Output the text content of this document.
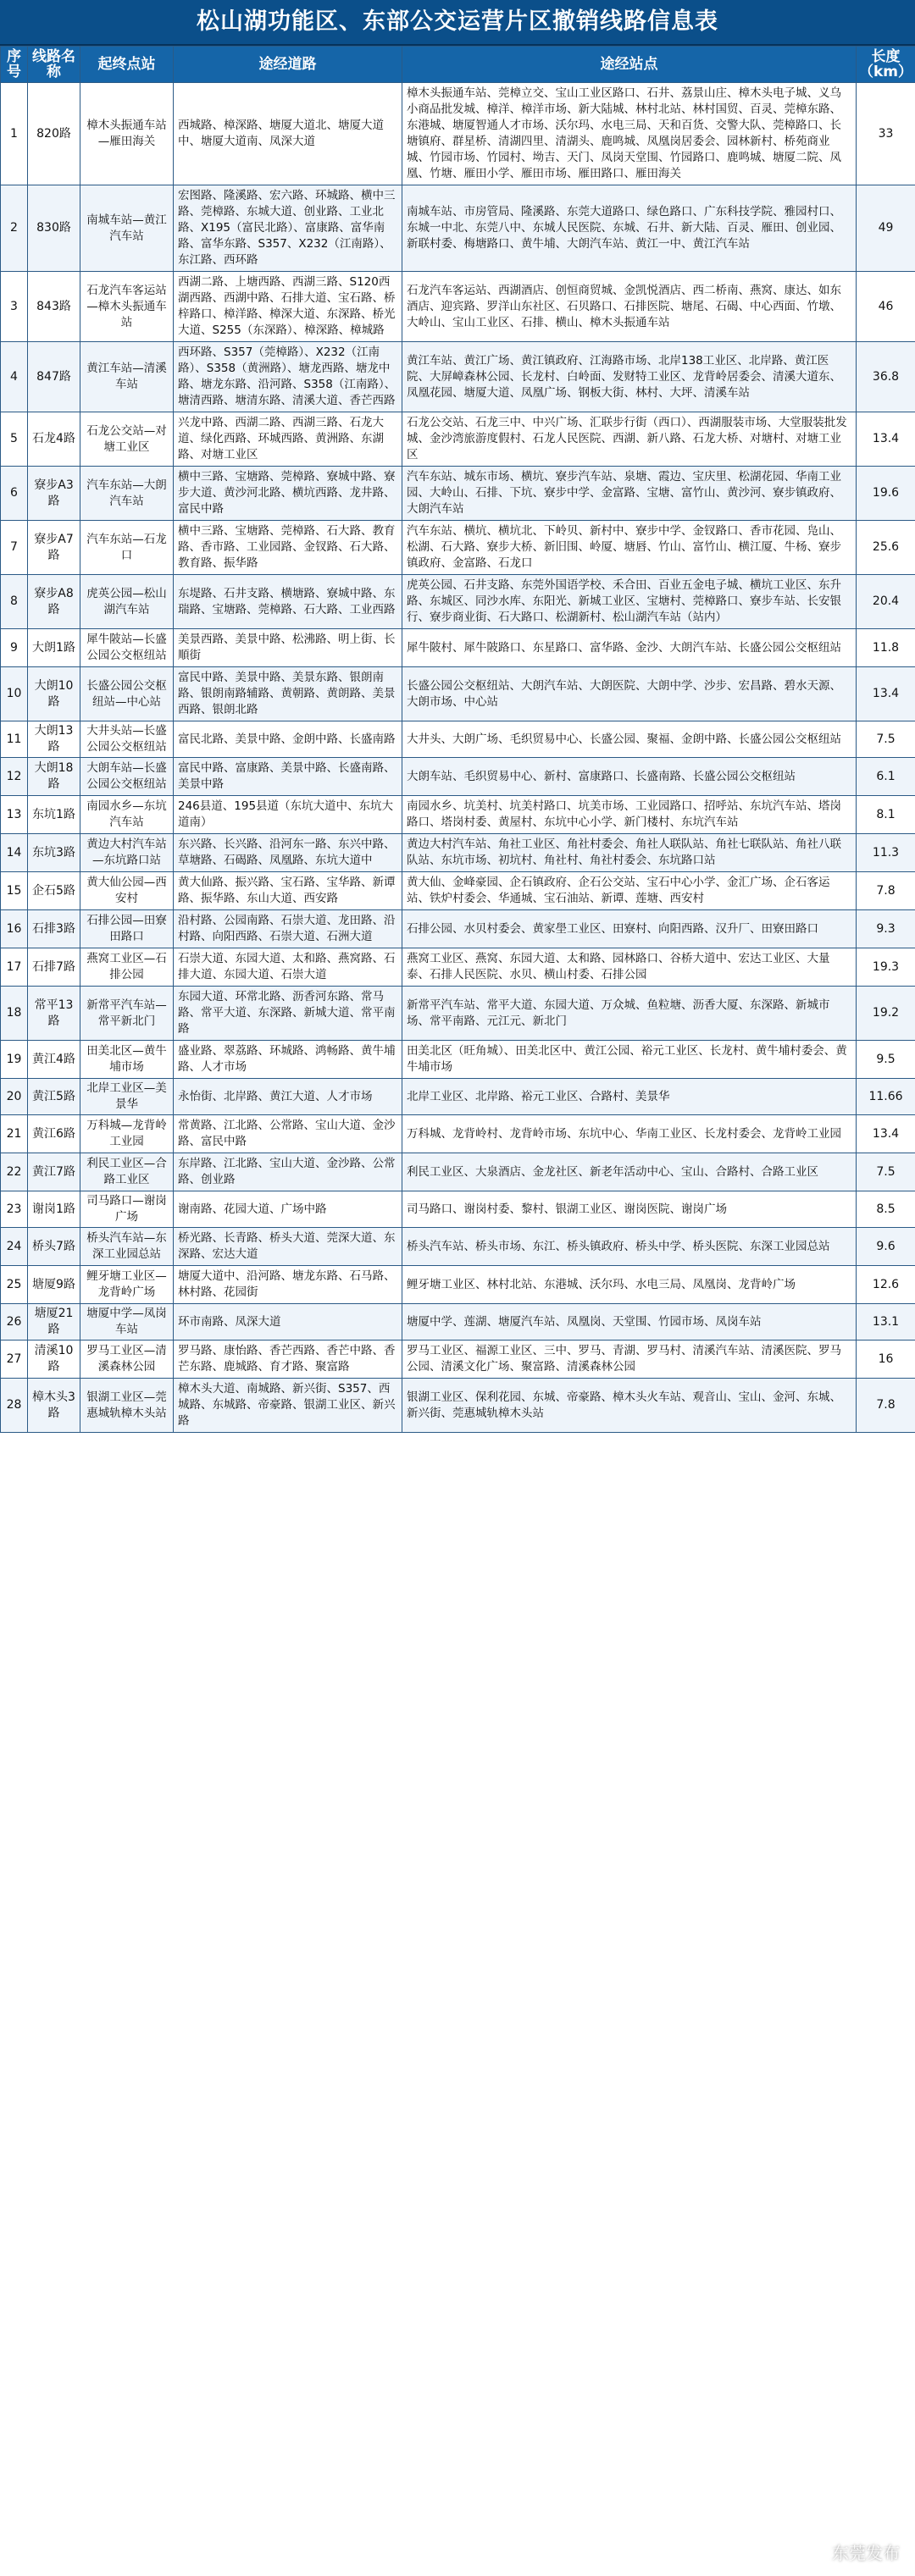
松山湖功能区、东部公交运营片区撤销线路信息表
序号	线路名称	起终点站	途经道路	途经站点	长度（km）
1	820路	樟木头振通车站—雁田海关	西城路、樟深路、塘厦大道北、塘厦大道中、塘厦大道南、凤深大道	樟木头振通车站、莞樟立交、宝山工业区路口、石井、荔景山庄、樟木头电子城、义乌小商品批发城、樟洋、樟洋市场、新大陆城、林村北站、林村国贸、百灵、莞樟东路、东港城、塘厦智通人才市场、沃尔玛、水电三局、天和百货、交警大队、莞樟路口、长塘镇府、群星桥、清湖四里、清湖头、鹿鸣城、凤凰岗居委会、园林新村、桥苑商业城、竹园市场、竹园村、坳吉、天门、凤岗天堂围、竹园路口、鹿鸣城、塘厦二院、凤凰、竹塘、雁田小学、雁田市场、雁田路口、雁田海关	33
2	830路	南城车站—黄江汽车站	宏图路、隆溪路、宏六路、环城路、横中三路、莞樟路、东城大道、创业路、工业北路、X195（富民北路）、富康路、富华南路、富华东路、S357、X232（江南路）、东江路、西环路	南城车站、市房管局、隆溪路、东莞大道路口、绿色路口、广东科技学院、雅园村口、东城一中北、东莞八中、东城人民医院、东城、石井、新大陆、百灵、雁田、创业园、新联村委、梅塘路口、黄牛埔、大朗汽车站、黄江一中、黄江汽车站	49
3	843路	石龙汽车客运站—樟木头振通车站	西湖二路、上塘西路、西湖三路、S120西湖西路、西湖中路、石排大道、宝石路、桥梓路口、樟洋路、樟深大道、东深路、桥光大道、S255（东深路）、樟深路、樟城路	石龙汽车客运站、西湖酒店、创恒商贸城、金凯悦酒店、西二桥南、燕窝、康达、如东酒店、迎宾路、罗洋山东社区、石贝路口、石排医院、塘尾、石碣、中心西面、竹墩、大岭山、宝山工业区、石排、横山、樟木头振通车站	46
4	847路	黄江车站—清溪车站	西环路、S357（莞樟路）、X232（江南路）、S358（黄洲路）、塘龙西路、塘龙中路、塘龙东路、沿河路、S358（江南路）、塘清西路、塘清东路、清溪大道、香芒西路	黄江车站、黄江广场、黄江镇政府、江海路市场、北岸138工业区、北岸路、黄江医院、大屏嶂森林公园、长龙村、白岭面、发财特工业区、龙背岭居委会、清溪大道东、凤凰花园、塘厦大道、凤凰广场、钢板大街、林村、大坪、清溪车站	36.8
5	石龙4路	石龙公交站—对塘工业区	兴龙中路、西湖二路、西湖三路、石龙大道、绿化西路、环城西路、黄洲路、东湖路、对塘工业区	石龙公交站、石龙三中、中兴广场、汇联步行街（西口）、西湖服装市场、大堂服装批发城、金沙湾旅游度假村、石龙人民医院、西湖、新八路、石龙大桥、对塘村、对塘工业区	13.4
6	寮步A3路	汽车东站—大朗汽车站	横中三路、宝塘路、莞樟路、寮城中路、寮步大道、黄沙河北路、横坑西路、龙井路、富民中路	汽车东站、城东市场、横坑、寮步汽车站、泉塘、霞边、宝庆里、松湖花园、华南工业园、大岭山、石排、下坑、寮步中学、金富路、宝塘、富竹山、黄沙河、寮步镇政府、大朗汽车站	19.6
7	寮步A7路	汽车东站—石龙口	横中三路、宝塘路、莞樟路、石大路、教育路、香市路、工业园路、金钗路、石大路、教育路、振华路	汽车东站、横坑、横坑北、下岭贝、新村中、寮步中学、金钗路口、香市花园、凫山、松湖、石大路、寮步大桥、新旧围、岭厦、塘唇、竹山、富竹山、横江厦、牛杨、寮步镇政府、金富路、石龙口	25.6
8	寮步A8路	虎英公园—松山湖汽车站	东堤路、石井支路、横塘路、寮城中路、东瑞路、宝塘路、莞樟路、石大路、工业西路	虎英公园、石井支路、东莞外国语学校、禾合田、百业五金电子城、横坑工业区、东升路、东城区、同沙水库、东阳光、新城工业区、宝塘村、莞樟路口、寮步车站、长安银行、寮步商业街、石大路口、松湖新村、松山湖汽车站（站内）	20.4
9	大朗1路	犀牛陂站—长盛公园公交枢纽站	美景西路、美景中路、松沸路、明上街、长順街	犀牛陂村、犀牛陂路口、东星路口、富华路、金沙、大朗汽车站、长盛公园公交枢纽站	11.8
10	大朗10路	长盛公园公交枢纽站—中心站	富民中路、美景中路、美景东路、银朗南路、银朗南路辅路、黄朝路、黄朗路、美景西路、银朗北路	长盛公园公交枢纽站、大朗汽车站、大朗医院、大朗中学、沙步、宏昌路、碧水天源、大朗市场、中心站	13.4
11	大朗13路	大井头站—长盛公园公交枢纽站	富民北路、美景中路、金朗中路、长盛南路	大井头、大朗广场、毛织贸易中心、长盛公园、聚福、金朗中路、长盛公园公交枢纽站	7.5
12	大朗18路	大朗车站—长盛公园公交枢纽站	富民中路、富康路、美景中路、长盛南路、美景中路	大朗车站、毛织贸易中心、新村、富康路口、长盛南路、长盛公园公交枢纽站	6.1
13	东坑1路	南园水乡—东坑汽车站	246县道、195县道（东坑大道中、东坑大道南）	南园水乡、坑美村、坑美村路口、坑美市场、工业园路口、招呼站、东坑汽车站、塔岗路口、塔岗村委、黄屋村、东坑中心小学、新门楼村、东坑汽车站	8.1
14	东坑3路	黄边大村汽车站—东坑路口站	东兴路、长兴路、沿河东一路、东兴中路、草塘路、石碣路、凤凰路、东坑大道中	黄边大村汽车站、角社工业区、角社村委会、角社人联队站、角社七联队站、角社八联队站、东坑市场、初坑村、角社村、角社村委会、东坑路口站	11.3
15	企石5路	黄大仙公园—西安村	黄大仙路、振兴路、宝石路、宝华路、新谭路、振华路、东山大道、西安路	黄大仙、金峰豪园、企石镇政府、企石公交站、宝石中心小学、金汇广场、企石客运站、铁炉村委会、华通城、宝石油站、新谭、莲塘、西安村	7.8
16	石排3路	石排公园—田寮田路口	沿村路、公园南路、石崇大道、龙田路、沿村路、向阳西路、石崇大道、石洲大道	石排公园、水贝村委会、黄家壆工业区、田寮村、向阳西路、汉升厂、田寮田路口	9.3
17	石排7路	燕窝工业区—石排公园	石崇大道、东园大道、太和路、燕窝路、石排大道、东园大道、石崇大道	燕窝工业区、燕窝、东园大道、太和路、园林路口、谷桥大道中、宏达工业区、大量泰、石排人民医院、水贝、横山村委、石排公园	19.3
18	常平13路	新常平汽车站—常平新北门	东园大道、环常北路、沥香河东路、常马路、常平大道、东深路、新城大道、常平南路	新常平汽车站、常平大道、东园大道、万众城、鱼粒塘、沥香大厦、东深路、新城市场、常平南路、元江元、新北门	19.2
19	黄江4路	田美北区—黄牛埔市场	盛业路、翠荔路、环城路、鸿畅路、黄牛埔路、人才市场	田美北区（旺角城）、田美北区中、黄江公园、裕元工业区、长龙村、黄牛埔村委会、黄牛埔市场	9.5
20	黄江5路	北岸工业区—美景华	永怡街、北岸路、黄江大道、人才市场	北岸工业区、北岸路、裕元工业区、合路村、美景华	11.66
21	黄江6路	万科城—龙背岭工业园	常黄路、江北路、公常路、宝山大道、金沙路、富民中路	万科城、龙背岭村、龙背岭市场、东坑中心、华南工业区、长龙村委会、龙背岭工业园	13.4
22	黄江7路	利民工业区—合路工业区	东岸路、江北路、宝山大道、金沙路、公常路、创业路	利民工业区、大泉酒店、金龙社区、新老年活动中心、宝山、合路村、合路工业区	7.5
23	谢岗1路	司马路口—谢岗广场	谢南路、花园大道、广场中路	司马路口、谢岗村委、黎村、银湖工业区、谢岗医院、谢岗广场	8.5
24	桥头7路	桥头汽车站—东深工业园总站	桥光路、长青路、桥头大道、莞深大道、东深路、宏达大道	桥头汽车站、桥头市场、东江、桥头镇政府、桥头中学、桥头医院、东深工业园总站	9.6
25	塘厦9路	鲤牙塘工业区—龙背岭广场	塘厦大道中、沿河路、塘龙东路、石马路、林村路、花园街	鲤牙塘工业区、林村北站、东港城、沃尔玛、水电三局、凤凰岗、龙背岭广场	12.6
26	塘厦21路	塘厦中学—凤岗车站	环市南路、凤深大道	塘厦中学、莲湖、塘厦汽车站、凤凰岗、天堂围、竹园市场、凤岗车站	13.1
27	清溪10路	罗马工业区—清溪森林公园	罗马路、康怡路、香芒西路、香芒中路、香芒东路、鹿城路、育才路、聚富路	罗马工业区、福源工业区、三中、罗马、青湖、罗马村、清溪汽车站、清溪医院、罗马公园、清溪文化广场、聚富路、清溪森林公园	16
28	樟木头3路	银湖工业区—莞惠城轨樟木头站	樟木头大道、南城路、新兴街、S357、西城路、东城路、帝豪路、银湖工业区、新兴路	银湖工业区、保利花园、东城、帝豪路、樟木头火车站、观音山、宝山、金河、东城、新兴街、莞惠城轨樟木头站	7.8
东莞发布
